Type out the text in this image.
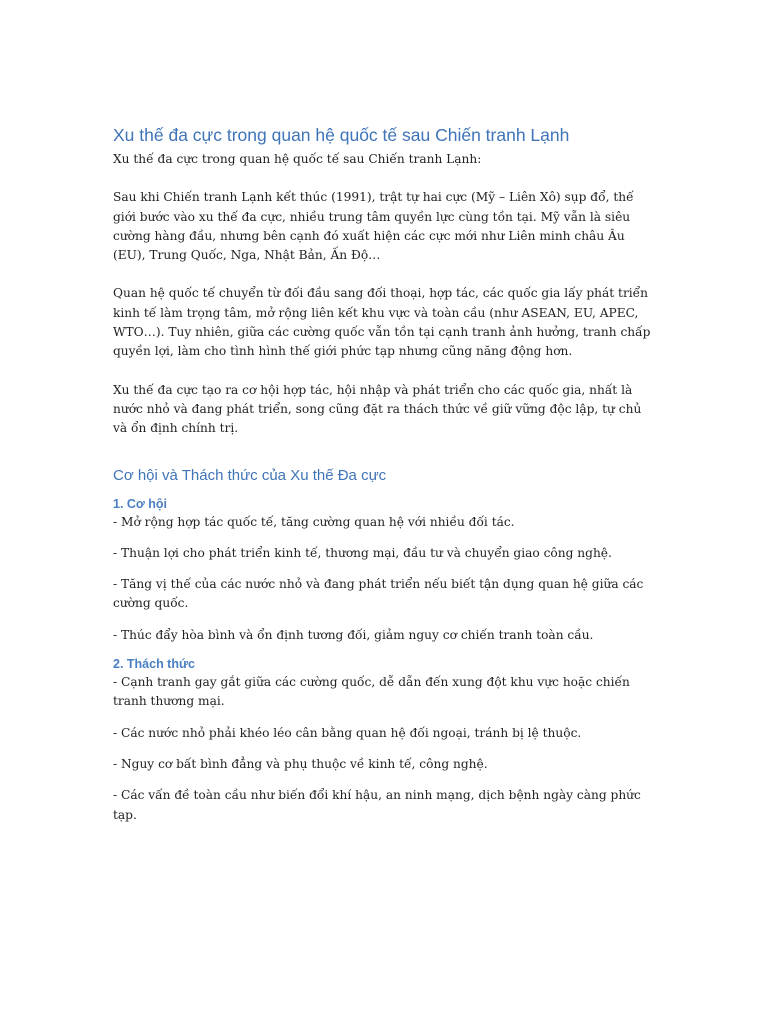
Xu thế đa cực trong quan hệ quốc tế sau Chiến tranh Lạnh

Xu thế đa cực trong quan hệ quốc tế sau Chiến tranh Lạnh:

Sau khi Chiến tranh Lạnh kết thúc (1991), trật tự hai cực (Mỹ – Liên Xô) sụp đổ, thế giới bước vào xu thế đa cực, nhiều trung tâm quyền lực cùng tồn tại. Mỹ vẫn là siêu cường hàng đầu, nhưng bên cạnh đó xuất hiện các cực mới như Liên minh châu Âu (EU), Trung Quốc, Nga, Nhật Bản, Ấn Độ…

Quan hệ quốc tế chuyển từ đối đầu sang đối thoại, hợp tác, các quốc gia lấy phát triển kinh tế làm trọng tâm, mở rộng liên kết khu vực và toàn cầu (như ASEAN, EU, APEC, WTO…). Tuy nhiên, giữa các cường quốc vẫn tồn tại cạnh tranh ảnh hưởng, tranh chấp quyền lợi, làm cho tình hình thế giới phức tạp nhưng cũng năng động hơn.

Xu thế đa cực tạo ra cơ hội hợp tác, hội nhập và phát triển cho các quốc gia, nhất là nước nhỏ và đang phát triển, song cũng đặt ra thách thức về giữ vững độc lập, tự chủ và ổn định chính trị.

Cơ hội và Thách thức của Xu thế Đa cực
1. Cơ hội

- Mở rộng hợp tác quốc tế, tăng cường quan hệ với nhiều đối tác.

- Thuận lợi cho phát triển kinh tế, thương mại, đầu tư và chuyển giao công nghệ.

- Tăng vị thế của các nước nhỏ và đang phát triển nếu biết tận dụng quan hệ giữa các cường quốc.

- Thúc đẩy hòa bình và ổn định tương đối, giảm nguy cơ chiến tranh toàn cầu.

2. Thách thức

- Cạnh tranh gay gắt giữa các cường quốc, dễ dẫn đến xung đột khu vực hoặc chiến tranh thương mại.

- Các nước nhỏ phải khéo léo cân bằng quan hệ đối ngoại, tránh bị lệ thuộc.

- Nguy cơ bất bình đẳng và phụ thuộc về kinh tế, công nghệ.

- Các vấn đề toàn cầu như biến đổi khí hậu, an ninh mạng, dịch bệnh ngày càng phức tạp.
